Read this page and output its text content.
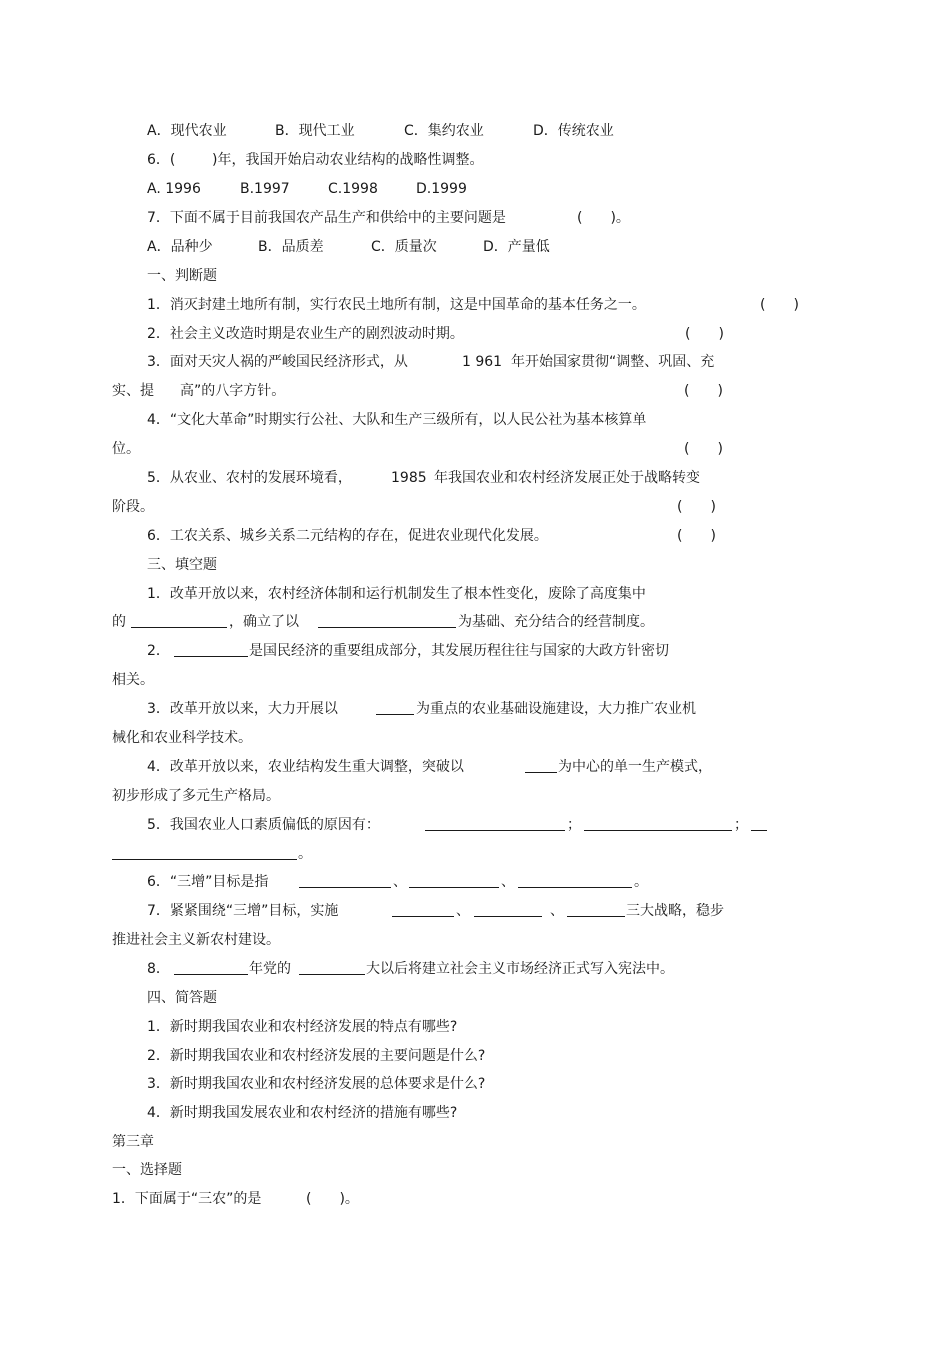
A．现代农业	B．现代工业	C．集约农业	D．传统农业
6．(	)年，我国开始启动农业结构的战略性调整。
A. 1996	B.1997	C.1998	D.1999
7．下面不属于目前我国农产品生产和供给中的主要问题是	(　　)。
A．品种少	B．品质差	C．质量次	D．产量低
一、判断题
1．消灭封建土地所有制，实行农民土地所有制，这是中国革命的基本任务之一。	(　　)
2．社会主义改造时期是农业生产的剧烈波动时期。	(　　)
3．面对天灾人祸的严峻国民经济形式，从	1 961 年开始国家贯彻“调整、巩固、充
实、提 高”的八字方针。	(　　)
4．“文化大革命”时期实行公社、大队和生产三级所有，以人民公社为基本核算单
位。	(　　)
5．从农业、农村的发展环境看，	1985 年我国农业和农村经济发展正处于战略转变
阶段。	(　　)
6．工农关系、城乡关系二元结构的存在，促进农业现代化发展。	(　　)
三、填空题
1．改革开放以来，农村经济体制和运行机制发生了根本性变化，废除了高度集中
的	，确立了以	为基础、充分结合的经营制度。
2．	是国民经济的重要组成部分，其发展历程往往与国家的大政方针密切
相关。
3．改革开放以来，大力开展以	为重点的农业基础设施建设，大力推广农业机
械化和农业科学技术。
4．改革开放以来，农业结构发生重大调整，突破以	为中心的单一生产模式，
初步形成了多元生产格局。
5．我国农业人口素质偏低的原因有：	；	；
。
6．“三增”目标是指	、	、	。
7．紧紧围绕“三增”目标，实施	、	、	三大战略，稳步
推进社会主义新农村建设。
8．	年党的	大以后将建立社会主义市场经济正式写入宪法中。
四、简答题
1．新时期我国农业和农村经济发展的特点有哪些?
2．新时期我国农业和农村经济发展的主要问题是什么?
3．新时期我国农业和农村经济发展的总体要求是什么?
4．新时期我国发展农业和农村经济的措施有哪些?
第三章
一、选择题
1．下面属于“三农”的是	(　　)。
